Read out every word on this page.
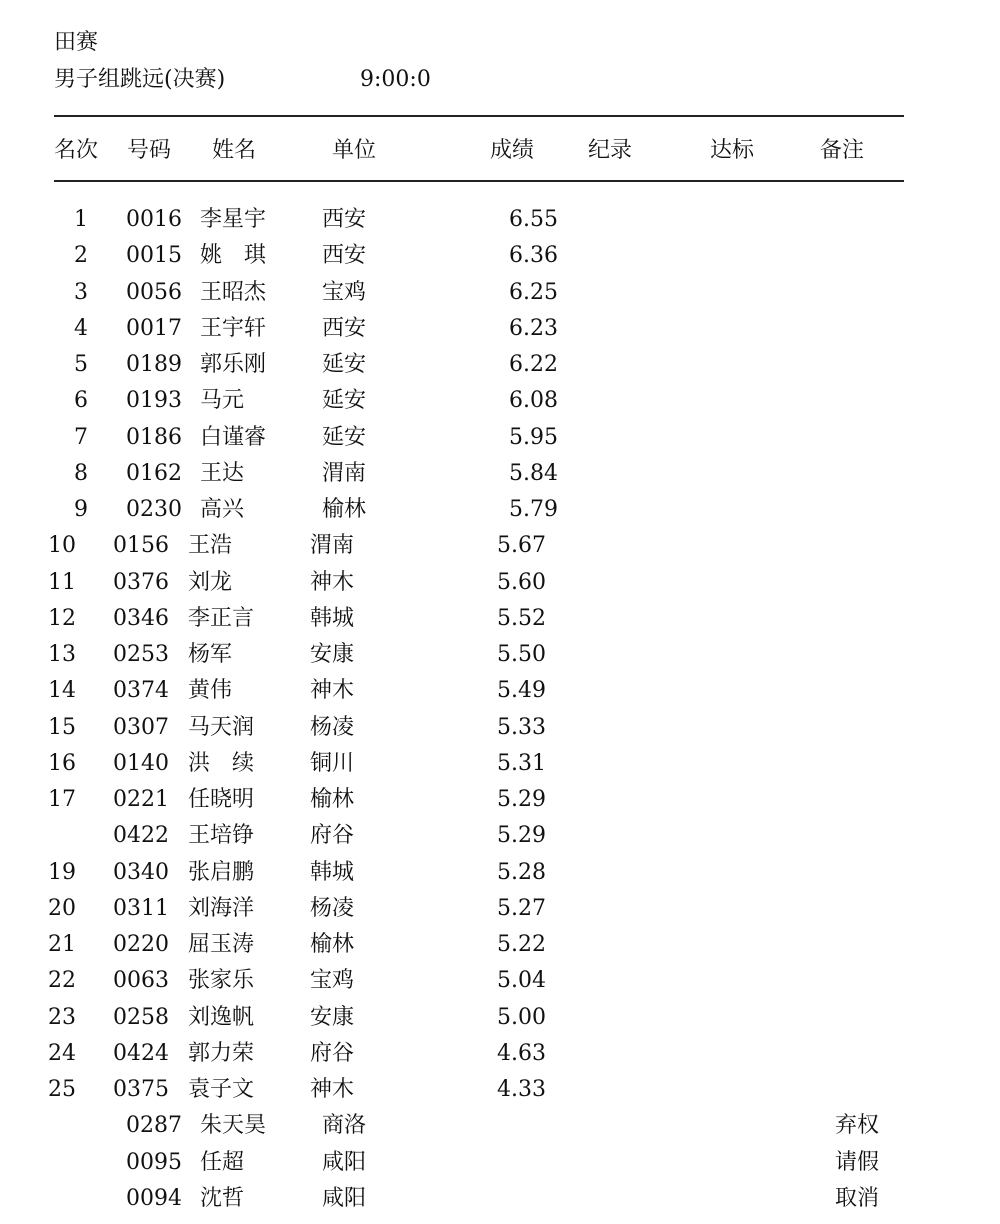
田赛
男子组跳远(决赛)	9:00:0
名次 号码 姓名	单位	成绩 纪录	达标	备注
1 0016 李星宇	西安	6.55
2 0015 姚　琪	西安	6.36
3 0056 王昭杰	宝鸡	6.25
4 0017 王宇轩	西安	6.23
5 0189 郭乐刚	延安	6.22
6 0193 马元	延安	6.08
7 0186 白谨睿	延安	5.95
8 0162 王达	渭南	5.84
9 0230 高兴	榆林	5.79
10 0156 王浩	渭南	5.67
11 0376 刘龙	神木	5.60
12 0346 李正言	韩城	5.52
13 0253 杨军	安康	5.50
14 0374 黄伟	神木	5.49
15 0307 马天润	杨凌	5.33
16 0140 洪　续	铜川	5.31
17 0221 任晓明	榆林	5.29
0422 王培铮	府谷	5.29
19 0340 张启鹏	韩城	5.28
20 0311 刘海洋	杨凌	5.27
21 0220 屈玉涛	榆林	5.22
22 0063 张家乐	宝鸡	5.04
23 0258 刘逸帆	安康	5.00
24 0424 郭力荣	府谷	4.63
25 0375 袁子文	神木	4.33
0287 朱天昊	商洛	弃权
0095 任超	咸阳	请假
0094 沈哲	咸阳	取消
